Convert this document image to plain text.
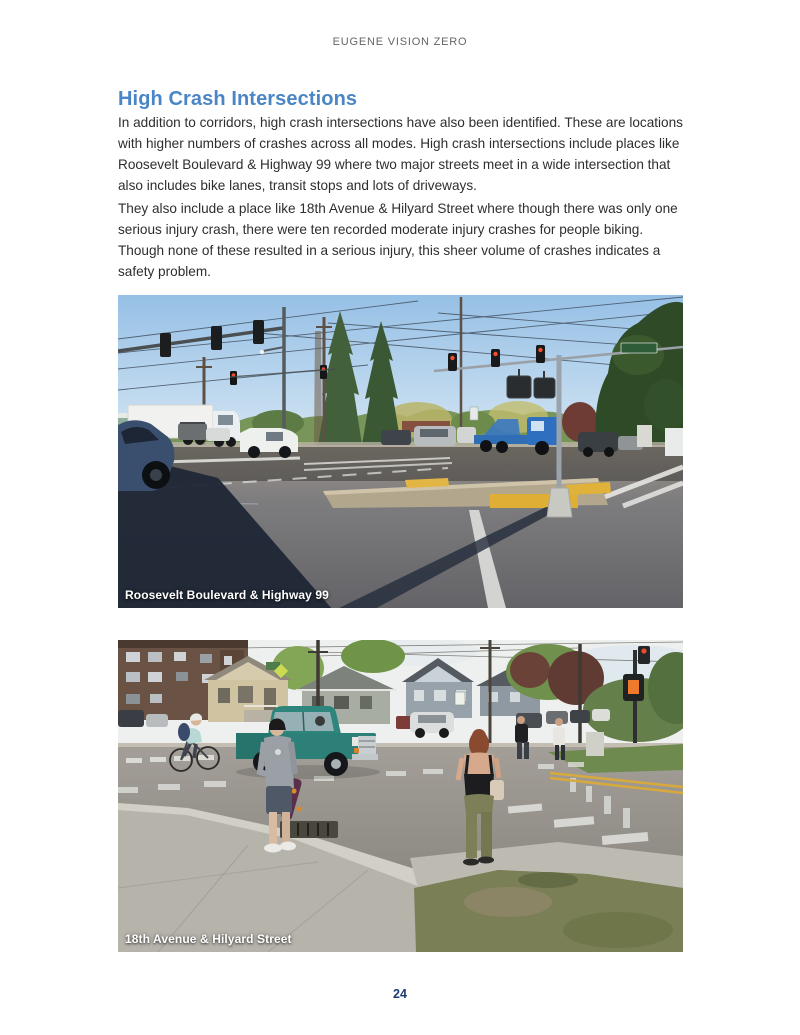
EUGENE VISION ZERO
High Crash Intersections

In addition to corridors, high crash intersections have also been identified. These are locations with higher numbers of crashes across all modes. High crash intersections include places like Roosevelt Boulevard & Highway 99 where two major streets meet in a wide intersection that also includes bike lanes, transit stops and lots of driveways.

They also include a place like 18th Avenue & Hilyard Street where though there was only one serious injury crash, there were ten recorded moderate injury crashes for people biking. Though none of these resulted in a serious injury, this sheer volume of crashes indicates a safety problem.

Roosevelt Boulevard & Highway 99
18th Avenue & Hilyard Street
24
